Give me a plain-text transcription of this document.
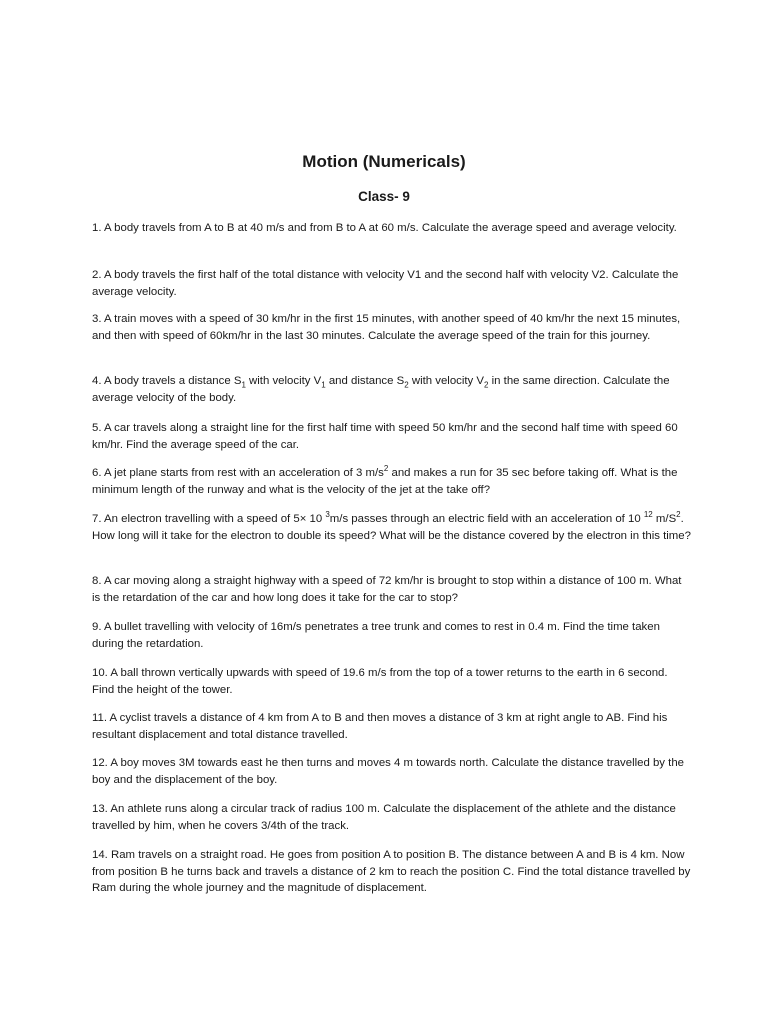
Motion (Numericals)
Class- 9

1. A body travels from A to B at 40 m/s and from B to A at 60 m/s. Calculate the average speed and average velocity.

2. A body travels the first half of the total distance with velocity V1 and the second half with velocity V2. Calculate the average velocity.

3. A train moves with a speed of 30 km/hr in the first 15 minutes, with another speed of 40 km/hr the next 15 minutes, and then with speed of 60km/hr in the last 30 minutes. Calculate the average speed of the train for this journey.

4. A body travels a distance $S_1$ with velocity $V_1$ and distance $S_2$ with velocity $V_2$ in the same direction. Calculate the average velocity of the body.

5. A car travels along a straight line for the first half time with speed 50 km/hr and the second half time with speed 60 km/hr. Find the average speed of the car.

6. A jet plane starts from rest with an acceleration of 3 $m/s^2$ and makes a run for 35 sec before taking off. What is the minimum length of the runway and what is the velocity of the jet at the take off?

7. An electron travelling with a speed of 5× 10 $^3$m/s passes through an electric field with an acceleration of 10 $^{12}$ $m/S^2$. How long will it take for the electron to double its speed? What will be the distance covered by the electron in this time?

8. A car moving along a straight highway with a speed of 72 km/hr is brought to stop within a distance of 100 m. What is the retardation of the car and how long does it take for the car to stop?

9. A bullet travelling with velocity of 16m/s penetrates a tree trunk and comes to rest in 0.4 m. Find the time taken during the retardation.

10. A ball thrown vertically upwards with speed of 19.6 m/s from the top of a tower returns to the earth in 6 second. Find the height of the tower.

11. A cyclist travels a distance of 4 km from A to B and then moves a distance of 3 km at right angle to AB. Find his resultant displacement and total distance travelled.

12. A boy moves 3M towards east he then turns and moves 4 m towards north. Calculate the distance travelled by the boy and the displacement of the boy.

13. An athlete runs along a circular track of radius 100 m. Calculate the displacement of the athlete and the distance travelled by him, when he covers 3/4th of the track.

14. Ram travels on a straight road. He goes from position A to position B. The distance between A and B is 4 km. Now from position B he turns back and travels a distance of 2 km to reach the position C. Find the total distance travelled by Ram during the whole journey and the magnitude of displacement.
